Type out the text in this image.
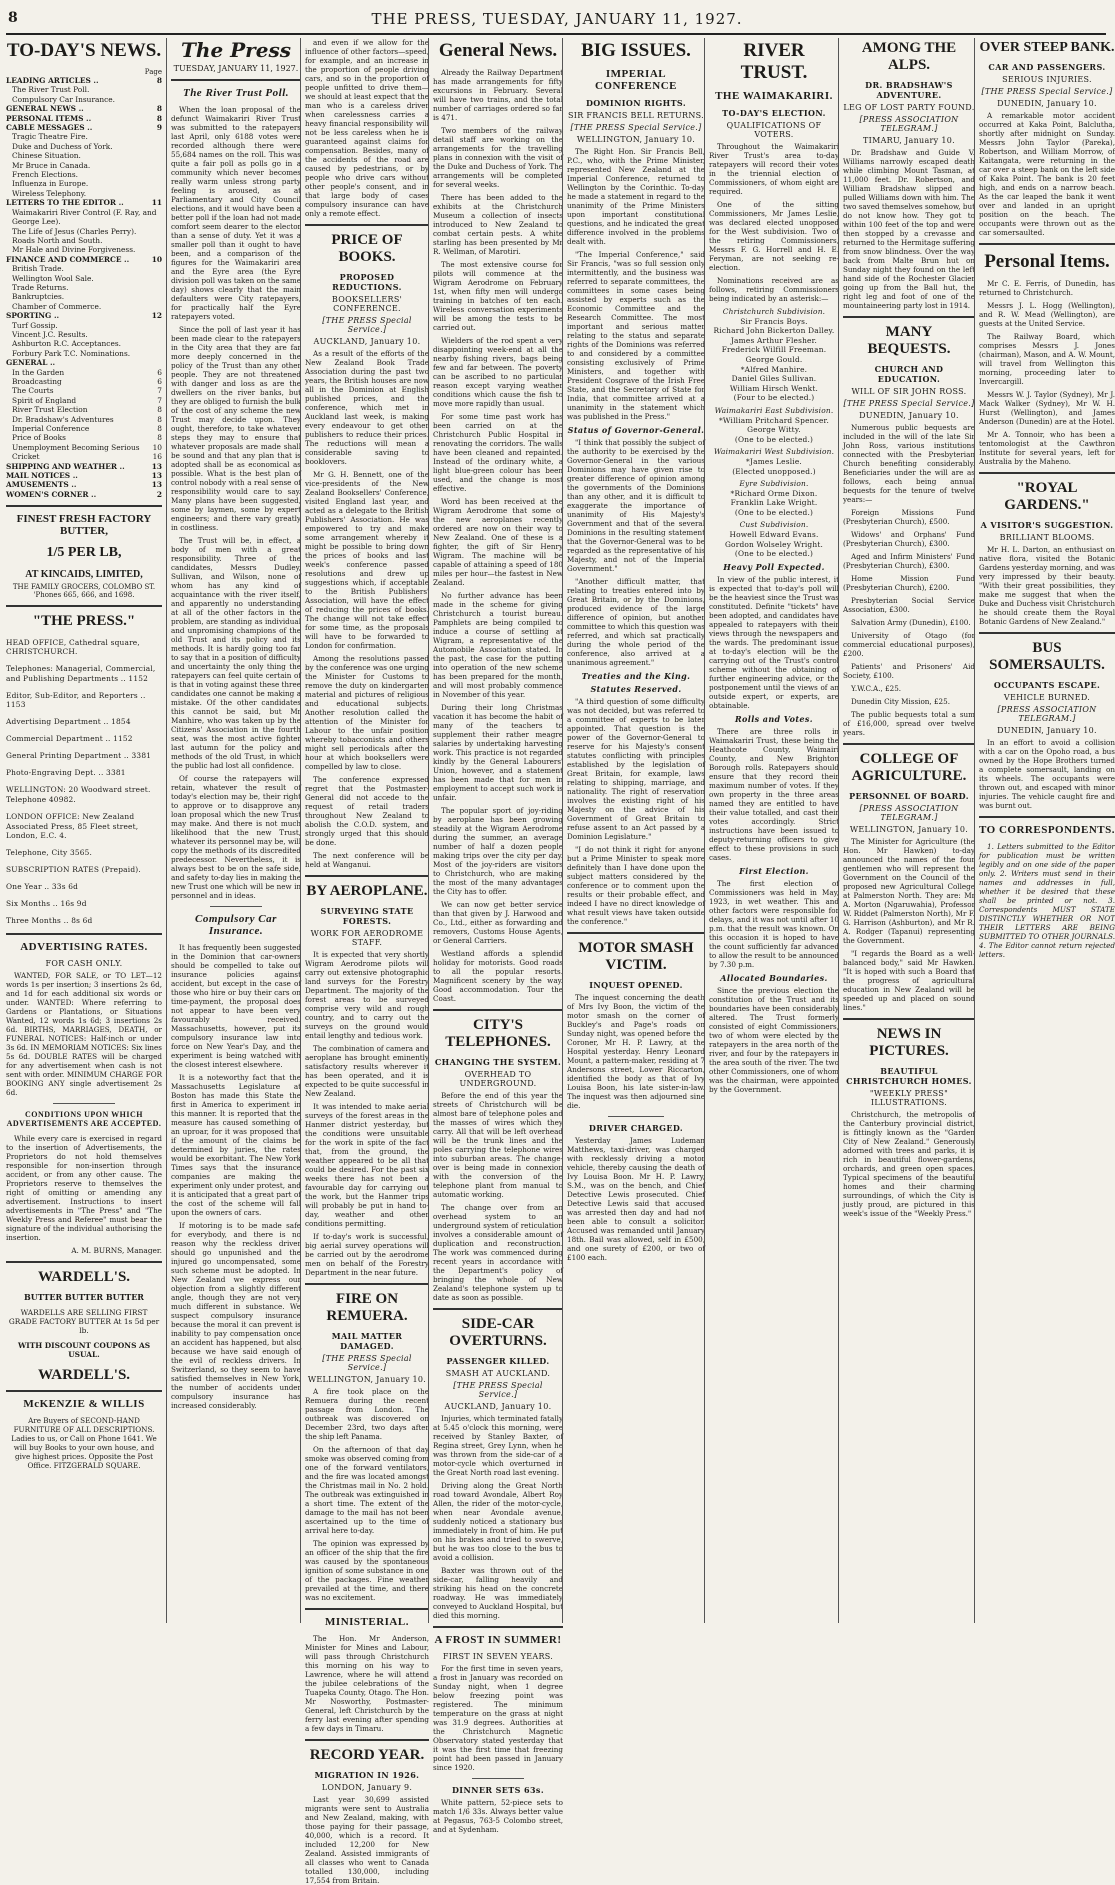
8	THE PRESS, TUESDAY, JANUARY 11, 1927.
TO-DAY'S NEWS.
Page
LEADING ARTICLES ..	8
The River Trust Poll.
Compulsory Car Insurance.
GENERAL NEWS ..	8
PERSONAL ITEMS ..	8
CABLE MESSAGES ..	9
Tragic Theatre Fire.
Duke and Duchess of York.
Chinese Situation.
Mr Bruce in Canada.
French Elections.
Influenza in Europe.
Wireless Telephony.
LETTERS TO THE EDITOR ..	11
Waimakariri River Control (F. Ray, and George Lee).
The Life of Jesus (Charles Perry).
Roads North and South.
Mr Hale and Divine Forgiveness.
FINANCE AND COMMERCE ..	10
British Trade.
Wellington Wool Sale.
Trade Returns.
Bankruptcies.
Chamber of Commerce.
SPORTING ..	12
Turf Gossip.
Vincent J.C. Results.
Ashburton R.C. Acceptances.
Forbury Park T.C. Nominations.
GENERAL ..
In the Garden	6
Broadcasting	6
The Courts	7
Spirit of England	7
River Trust Election	8
Dr. Bradshaw's Adventures	8
Imperial Conference	8
Price of Books	8
Unemployment Becoming Serious 10
Cricket	16
SHIPPING AND WEATHER ..	13
MAIL NOTICES ..	13
AMUSEMENTS ..	13
WOMEN'S CORNER ..	2
FINEST FRESH FACTORY
BUTTER,
1/5 PER LB,
AT KINCAIDS, LIMITED,
THE FAMILY GROCERS, COLOMBO ST.
'Phones 665, 666, and 1698.
"THE PRESS."

HEAD OFFICE, Cathedral square, CHRISTCHURCH.

Telephones: Managerial, Commercial, and Publishing Departments .. 1152

Editor, Sub-Editor, and Reporters .. 1153

Advertising Department .. 1854

Commercial Department .. 1152

General Printing Department .. 3381

Photo-Engraving Dept. .. 3381

WELLINGTON: 20 Woodward street. Telephone 40982.

LONDON OFFICE: New Zealand Associated Press, 85 Fleet street, London, E.C. 4.

Telephone, City 3565.

SUBSCRIPTION RATES (Prepaid).

One Year .. 33s 6d

Six Months .. 16s 9d

Three Months .. 8s 6d

ADVERTISING RATES.
FOR CASH ONLY.

WANTED, FOR SALE, or TO LET—12 words 1s per insertion; 3 insertions 2s 6d, and 1d for each additional six words or under. WANTED: Where referring to Gardens or Plantations, or Situations Wanted, 12 words 1s 6d; 3 insertions 2s 6d. BIRTHS, MARRIAGES, DEATH, or FUNERAL NOTICES: Half-inch or under 3s 6d. IN MEMORIAM NOTICES: Six lines 5s 6d. DOUBLE RATES will be charged for any advertisement when cash is not sent with order. MINIMUM CHARGE FOR BOOKING ANY single advertisement 2s 6d.

CONDITIONS UPON WHICH ADVERTISEMENTS ARE ACCEPTED.

While every care is exercised in regard to the insertion of Advertisements, the Proprietors do not hold themselves responsible for non-insertion through accident, or from any other cause. The Proprietors reserve to themselves the right of omitting or amending any advertisement. Instructions to insert advertisements in "The Press" and "The Weekly Press and Referee" must bear the signature of the individual authorising the insertion.

A. M. BURNS, Manager.
WARDELL'S.
BUTTER BUTTER BUTTER
WARDELLS ARE SELLING FIRST GRADE FACTORY BUTTER At 1s 5d per lb.
WITH DISCOUNT COUPONS AS USUAL.
WARDELL'S.
McKENZIE & WILLIS

Are Buyers of SECOND-HAND FURNITURE OF ALL DESCRIPTIONS. Ladies to us, or Call on Phone 1641. We will buy Books to your own house, and give highest prices. Opposite the Post Office. FITZGERALD SQUARE.

The Press
TUESDAY, JANUARY 11, 1927.
The River Trust Poll.

When the loan proposal of the defunct Waimakariri River Trust was submitted to the ratepayers last April, only 6188 votes were recorded although there were 55,684 names on the roll. This was quite a fair poll as polls go in a community which never becomes really warm unless strong party feeling is aroused, as at Parliamentary and City Council elections, and it would have been a better poll if the loan had not made comfort seem dearer to the elector than a sense of duty. Yet it was a smaller poll than it ought to have been, and a comparison of the figures for the Waimakariri area and the Eyre area (the Eyre division poll was taken on the same day) shows clearly that the main defaulters were City ratepayers, for practically half the Eyre ratepayers voted.

Since the poll of last year it has been made clear to the ratepayers in the City area that they are far more deeply concerned in the policy of the Trust than any other people. They are not threatened with danger and loss as are the dwellers on the river banks, but they are obliged to furnish the bulk of the cost of any scheme the new Trust may decide upon. They ought, therefore, to take whatever steps they may to ensure that whatever proposals are made shall be sound and that any plan that is adopted shall be as economical as possible. What is the best plan of control nobody with a real sense of responsibility would care to say. Many plans have been suggested, some by laymen, some by expert engineers; and there vary greatly in costliness.

The Trust will be, in effect, a body of men with a great responsibility. Three of the candidates, Messrs Dudley, Sullivan, and Wilson, none of whom has any kind of acquaintance with the river itself, and apparently no understanding at all of the other factors in the problem, are standing as individual and unpromising champions of the old Trust and its policy and its methods. It is hardly going too far to say that in a position of difficulty and uncertainty the only thing the ratepayers can feel quite certain of is that in voting against these three candidates one cannot be making a mistake. Of the other candidates this cannot be said, but Mr Manhire, who was taken up by the Citizens' Association in the fourth seat, was the most active fighter last autumn for the policy and methods of the old Trust, in which the public had lost all confidence.

Of course the ratepayers will retain, whatever the result of today's election may be, their right to approve or to disapprove any loan proposal which the new Trust may make. And there is not much likelihood that the new Trust, whatever its personnel may be, will copy the methods of its discredited predecessor. Nevertheless, it is always best to be on the safe side, and safety to-day lies in making the new Trust one which will be new in personnel and in ideas.

Compulsory Car Insurance.

It has frequently been suggested in the Dominion that car-owners should be compelled to take out insurance policies against accident, but except in the case of those who hire or buy their cars on time-payment, the proposal does not appear to have been very favourably received. Massachusetts, however, put its compulsory insurance law into force on New Year's Day, and the experiment is being watched with the closest interest elsewhere.

It is a noteworthy fact that the Massachusetts Legislature at Boston has made this State the first in America to experiment in this manner. It is reported that the measure has caused something of an uproar, for it was proposed that if the amount of the claims be determined by juries, the rates would be exorbitant. The New York Times says that the insurance companies are making the experiment only under protest, and it is anticipated that a great part of the cost of the scheme will fall upon the owners of cars.

If motoring is to be made safe for everybody, and there is no reason why the reckless driver should go unpunished and the injured go uncompensated, some such scheme must be adopted. In New Zealand we express our objection from a slightly different angle, though they are not very much different in substance. We suspect compulsory insurance because the moral it can prevent is inability to pay compensation once an accident has happened, but also because we have said enough of the evil of reckless drivers. In Switzerland, so they seem to have satisfied themselves in New York, the number of accidents under compulsory insurance has increased considerably.

and even if we allow for the influence of other factors—speed, for example, and an increase in the proportion of people driving cars, and so in the proportion of people unfitted to drive them—we should at least expect that the man who is a careless driver when carelessness carries a heavy financial responsibility will not be less careless when he is guaranteed against claims for compensation. Besides, many of the accidents of the road are caused by pedestrians, or by people who drive cars without other people's consent, and in that large body of cases compulsory insurance can have only a remote effect.

PRICE OF BOOKS.
PROPOSED REDUCTIONS.
BOOKSELLERS' CONFERENCE.
[THE PRESS Special Service.]
AUCKLAND, January 10.

As a result of the efforts of the New Zealand Book Trade Association during the past two years, the British houses are now all in the Dominion at English published prices, and the conference, which met in Auckland last week, is making every endeavour to get other publishers to reduce their prices. The reductions will mean a considerable saving to booklovers.

Mr G. H. Bennett, one of the vice-presidents of the New Zealand Booksellers' Conference, visited England last year, and acted as a delegate to the British Publishers' Association. He was empowered to try and make some arrangement whereby it might be possible to bring down the prices of books and last week's conference passed resolutions and drew up suggestions which, if acceptable to the British Publishers' Association, will have the effect of reducing the prices of books. The change will not take effect for some time, as the proposals will have to be forwarded to London for confirmation.

Among the resolutions passed by the conference was one urging the Minister for Customs to remove the duty on kindergarten material and pictures of religious and educational subjects. Another resolution called the attention of the Minister for Labour to the unfair position whereby tobacconists and others might sell periodicals after the hour at which booksellers were compelled by law to close.

The conference expressed regret that the Postmaster-General did not accede to the request of retail traders throughout New Zealand to abolish the C.O.D. system, and strongly urged that this should be done.

The next conference will be held at Wanganui.

BY AEROPLANE.
SURVEYING STATE FORESTS.
WORK FOR AERODROME STAFF.

It is expected that very shortly Wigram Aerodrome pilots will carry out extensive photographic land surveys for the Forestry Department. The majority of the forest areas to be surveyed comprise very wild and rough country, and to carry out the surveys on the ground would entail lengthy and tedious work.

The combination of camera and aeroplane has brought eminently satisfactory results wherever it has been operated, and it is expected to be quite successful in New Zealand.

It was intended to make aerial surveys of the forest areas in the Hanmer district yesterday, but the conditions were unsuitable for the work in spite of the fact that, from the ground, the weather appeared to be all that could be desired. For the past six weeks there has not been a favourable day for carrying out the work, but the Hanmer trips will probably be put in hand to-day, weather and other conditions permitting.

If to-day's work is successful, big aerial survey operations will be carried out by the aerodrome men on behalf of the Forestry Department in the near future.

FIRE ON REMUERA.
MAIL MATTER DAMAGED.
[THE PRESS Special Service.]
WELLINGTON, January 10.

A fire took place on the Remuera during the recent passage from London. The outbreak was discovered on December 23rd, two days after the ship left Panama.

On the afternoon of that day smoke was observed coming from one of the forward ventilators, and the fire was located amongst the Christmas mail in No. 2 hold. The outbreak was extinguished in a short time. The extent of the damage to the mail has not been ascertained up to the time of arrival here to-day.

The opinion was expressed by an officer of the ship that the fire was caused by the spontaneous ignition of some substance in one of the packages. Fine weather prevailed at the time, and there was no excitement.

MINISTERIAL.

The Hon. Mr Anderson, Minister for Mines and Labour, will pass through Christchurch this morning on his way to Lawrence, where he will attend the jubilee celebrations of the Tuapeka County, Otago. The Hon. Mr Nosworthy, Postmaster-General, left Christchurch by the ferry last evening after spending a few days in Timaru.

RECORD YEAR.
MIGRATION IN 1926.
LONDON, January 9.

Last year 30,699 assisted migrants were sent to Australia and New Zealand, making, with those paying for their passage, 40,000, which is a record. It included 12,200 for New Zealand. Assisted immigrants of all classes who went to Canada totalled 130,000, including 17,554 from Britain.

General News.

Already the Railway Department has made arrangements for fifty excursions in February. Several will have two trains, and the total number of carriages ordered so far is 471.

Two members of the railway detail staff are working on the arrangements for the travelling plans in connexion with the visit of the Duke and Duchess of York. The arrangements will be completed for several weeks.

There has been added to the exhibits at the Christchurch Museum a collection of insects introduced to New Zealand to combat certain pests. A white starling has been presented by Mr R. Wellman, of Marotiri.

The most extensive course for pilots will commence at the Wigram Aerodrome on February 1st, when fifty men will undergo training in batches of ten each. Wireless conversation experiments will be among the tests to be carried out.

Wielders of the rod spent a very disappointing week-end at all the nearby fishing rivers, bags being few and far between. The poverty can be ascribed to no particular reason except varying weather conditions which cause the fish to move more rapidly than usual.

For some time past work has been carried on at the Christchurch Public Hospital in renovating the corridors. The walls have been cleaned and repainted. Instead of the ordinary white, a light blue-green colour has been used, and the change is most effective.

Word has been received at the Wigram Aerodrome that some of the new aeroplanes recently ordered are now on their way to New Zealand. One of these is a fighter, the gift of Sir Henry Wigram. The machine will be capable of attaining a speed of 180 miles per hour—the fastest in New Zealand.

No further advance has been made in the scheme for giving Christchurch a tourist bureau. Pamphlets are being compiled to induce a course of settling at Wigram, a representative of the Automobile Association stated. In the past, the case for the putting into operation of the new scheme has been prepared for the month, and will most probably commence in November of this year.

During their long Christmas vacation it has become the habit of many of the teachers to supplement their rather meagre salaries by undertaking harvesting work. This practice is not regarded kindly by the General Labourers' Union, however, and a statement has been made that for men in employment to accept such work is unfair.

The popular sport of joy-riding by aeroplane has been growing steadily at the Wigram Aerodrome during the summer, an average number of half a dozen people making trips over the city per day. Most of the joy-riders are visitors to Christchurch, who are making the most of the many advantages the City has to offer.

We can now get better service than that given by J. Harwood and Co., Ltd., either as forwarding and removers, Customs House Agents, or General Carriers.

Westland affords a splendid holiday for motorists. Good roads to all the popular resorts. Magnificent scenery by the way. Good accommodation. Tour the Coast.

CITY'S TELEPHONES.
CHANGING THE SYSTEM.
OVERHEAD TO UNDERGROUND.

Before the end of this year the streets of Christchurch will be almost bare of telephone poles and the masses of wires which they carry. All that will be left overhead will be the trunk lines and the poles carrying the telephone wires into suburban areas. The change-over is being made in connexion with the conversion of the telephone plant from manual to automatic working.

The change over from an overhead system to an underground system of reticulation involves a considerable amount of duplication and reconstruction. The work was commenced during recent years in accordance with the Department's policy of bringing the whole of New Zealand's telephone system up to date as soon as possible.

SIDE-CAR OVERTURNS.
PASSENGER KILLED.
SMASH AT AUCKLAND.
[THE PRESS Special Service.]
AUCKLAND, January 10.

Injuries, which terminated fatally at 5.45 o'clock this morning, were received by Stanley Baxter, of Regina street, Grey Lynn, when he was thrown from the side-car of a motor-cycle which overturned in the Great North road last evening.

Driving along the Great North road toward Avondale, Albert Roy Allen, the rider of the motor-cycle, when near Avondale avenue, suddenly noticed a stationary bus immediately in front of him. He put on his brakes and tried to swerve, but he was too close to the bus to avoid a collision.

Baxter was thrown out of the side-car, falling heavily and striking his head on the concrete roadway. He was immediately conveyed to Auckland Hospital, but died this morning.

A FROST IN SUMMER!
FIRST IN SEVEN YEARS.

For the first time in seven years, a frost in January was recorded on Sunday night, when 1 degree below freezing point was registered. The minimum temperature on the grass at night was 31.9 degrees. Authorities at the Christchurch Magnetic Observatory stated yesterday that it was the first time that freezing point had been passed in January since 1920.

DINNER SETS 63s.

White pattern, 52-piece sets to match 1/6 33s. Always better value at Pegasus, 763-5 Colombo street, and at Sydenham.

BIG ISSUES.
IMPERIAL CONFERENCE
DOMINION RIGHTS.
SIR FRANCIS BELL RETURNS.
[THE PRESS Special Service.]
WELLINGTON, January 10.

The Right Hon. Sir Francis Bell, P.C., who, with the Prime Minister, represented New Zealand at the Imperial Conference, returned to Wellington by the Corinthic. To-day he made a statement in regard to the unanimity of the Prime Ministers upon important constitutional questions, and he indicated the great difference involved in the problems dealt with.

"The Imperial Conference," said Sir Francis, "was so full session only intermittently, and the business was referred to separate committees, the committees in some cases being assisted by experts such as the Economic Committee and the Research Committee. The most important and serious matter relating to the status and separate rights of the Dominions was referred to and considered by a committee consisting exclusively of Prime Ministers, and together with President Cosgrave of the Irish Free State, and the Secretary of State for India, that committee arrived at a unanimity in the statement which was published in the Press."

Status of Governor-General.

"I think that possibly the subject of the authority to be exercised by the Governor-General in the various Dominions may have given rise to greater difference of opinion among the governments of the Dominions than any other, and it is difficult to exaggerate the importance of unanimity of His Majesty's Government and that of the several Dominions in the resulting statement that the Governor-General was to be regarded as the representative of his Majesty, and not of the Imperial Government."

"Another difficult matter, that relating to treaties entered into by Great Britain, or by the Dominions, produced evidence of the large difference of opinion, but another committee to which this question was referred, and which sat practically during the whole period of the conference, also arrived at a unanimous agreement."

Treaties and the King.
Statutes Reserved.

"A third question of some difficulty was not decided, but was referred to a committee of experts to be later appointed. That question is the power of the Governor-General to reserve for his Majesty's consent statutes conflicting with principles established by the legislation of Great Britain, for example, laws relating to shipping, marriage, and nationality. The right of reservation involves the existing right of his Majesty on the advice of his Government of Great Britain to refuse assent to an Act passed by a Dominion Legislature."

"I do not think it right for anyone but a Prime Minister to speak more definitely than I have done upon the subject matters considered by the conference or to comment upon the results or their probable effect, and indeed I have no direct knowledge of what result views have taken outside the conference."

MOTOR SMASH VICTIM.
INQUEST OPENED.

The inquest concerning the death of Mrs Ivy Boon, the victim of the motor smash on the corner of Buckley's and Page's roads on Sunday night, was opened before the Coroner, Mr H. P. Lawry, at the Hospital yesterday. Henry Leonard Mount, a pattern-maker, residing at 7 Andersons street, Lower Riccarton, identified the body as that of Ivy Louisa Boon, his late sister-in-law. The inquest was then adjourned sine die.

DRIVER CHARGED.

Yesterday James Ludeman Matthews, taxi-driver, was charged with recklessly driving a motor vehicle, thereby causing the death of Ivy Louisa Boon. Mr H. P. Lawry, S.M., was on the bench, and Chief Detective Lewis prosecuted. Chief Detective Lewis said that accused was arrested then day and had not been able to consult a solicitor. Accused was remanded until January 18th. Bail was allowed, self in £500, and one surety of £200, or two of £100 each.

RIVER TRUST.
THE WAIMAKARIRI.
TO-DAY'S ELECTION.
QUALIFICATIONS OF VOTERS.

Throughout the Waimakariri River Trust's area to-day ratepayers will record their votes in the triennial election of Commissioners, of whom eight are required.

One of the sitting Commissioners, Mr James Leslie, was declared elected unopposed for the West subdivision. Two of the retiring Commissioners, Messrs F. G. Horrell and H. E. Feryman, are not seeking re-election.

Nominations received are as follows, retiring Commissioners being indicated by an asterisk:—

Christchurch Subdivision.

Sir Francis Boys.

Richard John Bickerton Dalley.

James Arthur Flesher.

Frederick Wilfill Freeman.

George Gould.

*Alfred Manhire.

Daniel Giles Sullivan.

William Hirsch Wenkt.

(Four to be elected.)

Waimakariri East Subdivision.

*William Pritchard Spencer.

George Witty.

(One to be elected.)

Waimakariri West Subdivision.

*James Leslie.

(Elected unopposed.)

Eyre Subdivision.

*Richard Orme Dixon.

Franklin Lake Wright.

(One to be elected.)

Cust Subdivision.

Howell Edward Evans.

Gordon Wolseley Wright.

(One to be elected.)

Heavy Poll Expected.

In view of the public interest, it is expected that to-day's poll will be the heaviest since the Trust was constituted. Definite "tickets" have been adopted, and candidates have appealed to ratepayers with their views through the newspapers and the wards. The predominant issue at to-day's election will be the carrying out of the Trust's control scheme without the obtaining of further engineering advice, or the postponement until the views of an outside expert, or experts, are obtainable.

Rolls and Votes.

There are three rolls in Waimakariri Trust, these being the Heathcote County, Waimairi County, and New Brighton Borough rolls. Ratepayers should ensure that they record their maximum number of votes. If they own property in the three areas named they are entitled to have their value totalled, and cast their votes accordingly. Strict instructions have been issued to deputy-returning officers to give effect to these provisions in such cases.

First Election.

The first election of Commissioners was held in May, 1923, in wet weather. This and other factors were responsible for delays, and it was not until after 10 p.m. that the result was known. On this occasion it is hoped to have the count sufficiently far advanced to allow the result to be announced by 7.30 p.m.

Allocated Boundaries.

Since the previous election the constitution of the Trust and its boundaries have been considerably altered. The Trust formerly consisted of eight Commissioners, two of whom were elected by the ratepayers in the area north of the river, and four by the ratepayers in the area south of the river. The two other Commissioners, one of whom was the chairman, were appointed by the Government.

AMONG THE ALPS.
DR. BRADSHAW'S ADVENTURE.
LEG OF LOST PARTY FOUND.
[PRESS ASSOCIATION TELEGRAM.]
TIMARU, January 10.

Dr. Bradshaw and Guide V. Williams narrowly escaped death while climbing Mount Tasman, at 11,000 feet. Dr. Robertson, and William Bradshaw slipped and pulled Williams down with him. The two saved themselves somehow, but do not know how. They got to within 100 feet of the top and were then stopped by a crevasse and returned to the Hermitage suffering from snow blindness. Over the way back from Malte Brun hut on Sunday night they found on the left hand side of the Rochester Glacier going up from the Ball hut, the right leg and foot of one of the mountaineering party lost in 1914.

MANY BEQUESTS.
CHURCH AND EDUCATION.
WILL OF SIR JOHN ROSS.
[THE PRESS Special Service.]
DUNEDIN, January 10.

Numerous public bequests are included in the will of the late Sir John Ross, various institutions connected with the Presbyterian Church benefiting considerably. Beneficiaries under the will are as follows, each being annual bequests for the tenure of twelve years:—

Foreign Missions Fund (Presbyterian Church), £500.

Widows' and Orphans' Fund (Presbyterian Church), £300.

Aged and Infirm Ministers' Fund (Presbyterian Church), £300.

Home Mission Fund (Presbyterian Church), £200.

Presbyterian Social Service Association, £300.

Salvation Army (Dunedin), £100.

University of Otago (for commercial educational purposes), £200.

Patients' and Prisoners' Aid Society, £100.

Y.W.C.A., £25.

Dunedin City Mission, £25.

The public bequests total a sum of £16,000, spread over twelve years.

COLLEGE OF AGRICULTURE.
PERSONNEL OF BOARD.
[PRESS ASSOCIATION TELEGRAM.]
WELLINGTON, January 10.

The Minister for Agriculture (the Hon. Mr Hawken) to-day announced the names of the four gentlemen who will represent the Government on the Council of the proposed new Agricultural College at Palmerston North. They are: Mr A. Morton (Ngaruwahia), Professor W. Riddet (Palmerston North), Mr F. G. Harrison (Ashburton), and Mr R. A. Rodger (Tapanui) representing the Government.

"I regards the Board as a well-balanced body," said Mr Hawken. "It is hoped with such a Board that the progress of agricultural education in New Zealand will be speeded up and placed on sound lines."

NEWS IN PICTURES.
BEAUTIFUL CHRISTCHURCH HOMES.
"WEEKLY PRESS" ILLUSTRATIONS.

Christchurch, the metropolis of the Canterbury provincial district, is fittingly known as the "Garden City of New Zealand." Generously adorned with trees and parks, it is rich in beautiful flower-gardens, orchards, and green open spaces. Typical specimens of the beautiful homes and their charming surroundings, of which the City is justly proud, are pictured in this week's issue of the "Weekly Press."

OVER STEEP BANK.
CAR AND PASSENGERS.
SERIOUS INJURIES.
[THE PRESS Special Service.]
DUNEDIN, January 10.

A remarkable motor accident occurred at Kaka Point, Balclutha, shortly after midnight on Sunday. Messrs John Taylor (Pareka), Robertson, and William Morrow, of Kaitangata, were returning in the car over a steep bank on the left side of Kaka Point. The bank is 20 feet high, and ends on a narrow beach. As the car leaped the bank it went over and landed in an upright position on the beach. The occupants were thrown out as the car somersaulted.

Personal Items.

Mr C. E. Ferris, of Dunedin, has returned to Christchurch.

Messrs J. L. Hogg (Wellington), and R. W. Mead (Wellington), are guests at the United Service.

The Railway Board, which comprises Messrs J. Jones (chairman), Mason, and A. W. Mount, will travel from Wellington this morning, proceeding later to Invercargill.

Messrs W. J. Taylor (Sydney), Mr J. Mack Walker (Sydney), Mr W. H. Hurst (Wellington), and James Anderson (Dunedin) are at the Hotel.

Mr A. Tonnoir, who has been a tentomologist at the Cawthron Institute for several years, left for Australia by the Maheno.

"ROYAL GARDENS."
A VISITOR'S SUGGESTION.
BRILLIANT BLOOMS.

Mr H. L. Darton, an enthusiast on native flora, visited the Botanic Gardens yesterday morning, and was very impressed by their beauty. "With their great possibilities, they make me suggest that when the Duke and Duchess visit Christchurch he should create them the Royal Botanic Gardens of New Zealand."

BUS SOMERSAULTS.
OCCUPANTS ESCAPE.
VEHICLE BURNED.
[PRESS ASSOCIATION TELEGRAM.]
DUNEDIN, January 10.

In an effort to avoid a collision with a car on the Opoho road, a bus owned by the Hope Brothers turned a complete somersault, landing on its wheels. The occupants were thrown out, and escaped with minor injuries. The vehicle caught fire and was burnt out.

TO CORRESPONDENTS.

1. Letters submitted to the Editor for publication must be written legibly and on one side of the paper only. 2. Writers must send in their names and addresses in full, whether it be desired that these shall be printed or not. 3. Correspondents MUST STATE DISTINCTLY WHETHER OR NOT THEIR LETTERS ARE BEING SUBMITTED TO OTHER JOURNALS. 4. The Editor cannot return rejected letters.
